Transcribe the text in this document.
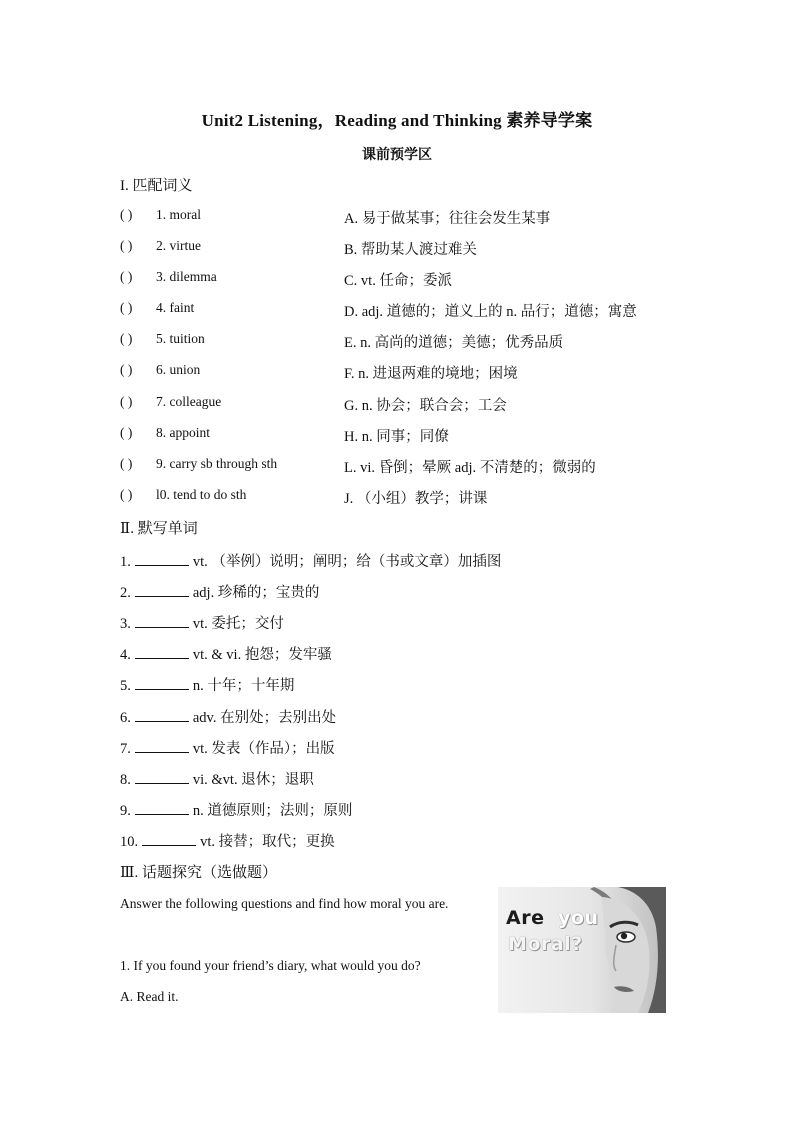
Unit2 Listening，Reading and Thinking 素养导学案
课前预学区
I. 匹配词义
( ) 1. moral	A. 易于做某事；往往会发生某事
( ) 2. virtue	B. 帮助某人渡过难关
( ) 3. dilemma	C. vt. 任命；委派
( ) 4. faint	D. adj. 道德的；道义上的 n. 品行；道德；寓意
( ) 5. tuition	E. n. 高尚的道德；美德；优秀品质
( ) 6. union	F. n. 进退两难的境地；困境
( ) 7. colleague	G. n. 协会；联合会；工会
( ) 8. appoint	H. n. 同事；同僚
( ) 9. carry sb through sth	L. vi. 昏倒；晕厥 adj. 不清楚的；微弱的
( ) l0. tend to do sth	J. （小组）教学；讲课
Ⅱ. 默写单词
1.	vt. （举例）说明；阐明；给（书或文章）加插图
2.	adj. 珍稀的；宝贵的
3.	vt. 委托；交付
4.	vt. & vi. 抱怨；发牢骚
5.	n. 十年；十年期
6.	adv. 在别处；去别出处
7.	vt. 发表（作品）；出版
8.	vi. &vt. 退休；退职
9.	n. 道德原则；法则；原则
10.	vt. 接替；取代；更换
Ⅲ. 话题探究（选做题）
Answer the following questions and find how moral you are.
1. If you found your friend’s diary, what would you do?
A. Read it.
Are you
Moral?
